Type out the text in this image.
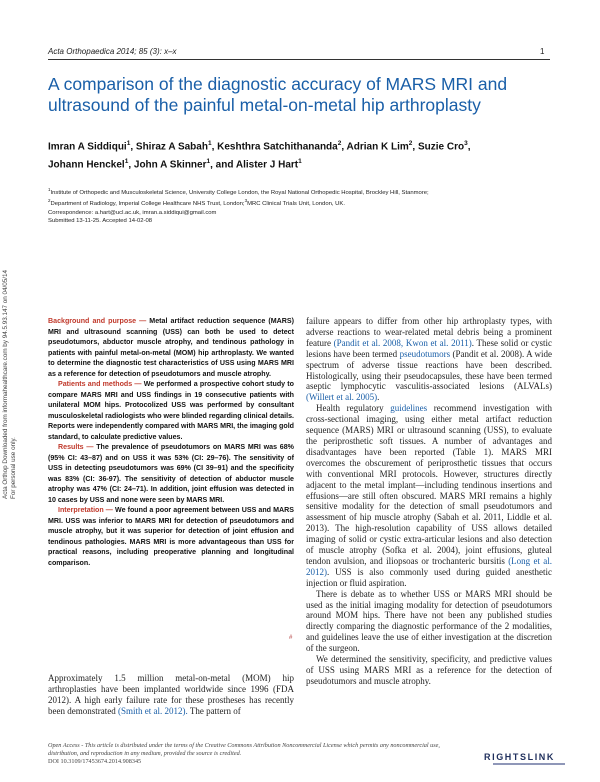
Acta Orthopaedica 2014; 85 (3): x–x	1
A comparison of the diagnostic accuracy of MARS MRI and
ultrasound of the painful metal-on-metal hip arthroplasty
Imran A Siddiqui$^1$, Shiraz A Sabah$^1$, Keshthra Satchithananda$^2$, Adrian K Lim$^2$, Suzie Cro$^3$,
Johann Henckel$^1$, John A Skinner$^1$, and Alister J Hart$^1$
$^1$Institute of Orthopedic and Musculoskeletal Science, University College London, the Royal National Orthopedic Hospital, Brockley Hill, Stanmore;
$^2$Department of Radiology, Imperial College Healthcare NHS Trust, London;$^3$MRC Clinical Trials Unit, London, UK.
Correspondence: a.hart@ucl.ac.uk, imran.a.siddiqui@gmail.com
Submitted 13-11-25. Accepted 14-02-08

Background and purpose — Metal artifact reduction sequence (MARS) MRI and ultrasound scanning (USS) can both be used to detect pseudotumors, abductor muscle atrophy, and tendinous pathology in patients with painful metal-on-metal (MOM) hip arthroplasty. We wanted to determine the diagnostic test characteristics of USS using MARS MRI as a reference for detection of pseudotumors and muscle atrophy.

Patients and methods — We performed a prospective cohort study to compare MARS MRI and USS findings in 19 consecutive patients with unilateral MOM hips. Protocolized USS was performed by consultant musculoskeletal radiologists who were blinded regarding clinical details. Reports were independently compared with MARS MRI, the imaging gold standard, to calculate predictive values.

Results — The prevalence of pseudotumors on MARS MRI was 68% (95% CI: 43–87) and on USS it was 53% (CI: 29–76). The sensitivity of USS in detecting pseudotumors was 69% (CI 39–91) and the specificity was 83% (CI: 36-97). The sensitivity of detection of abductor muscle atrophy was 47% (CI: 24–71). In addition, joint effusion was detected in 10 cases by USS and none were seen by MARS MRI.

Interpretation — We found a poor agreement between USS and MARS MRI. USS was inferior to MARS MRI for detection of pseudotumors and muscle atrophy, but it was superior for detection of joint effusion and tendinous pathologies. MARS MRI is more advantageous than USS for practical reasons, including preoperative planning and longitudinal comparison.

#

Approximately 1.5 million metal-on-metal (MOM) hip arthroplasties have been implanted worldwide since 1996 (FDA 2012). A high early failure rate for these prostheses has recently been demonstrated (Smith et al. 2012). The pattern of

failure appears to differ from other hip arthroplasty types, with adverse reactions to wear-related metal debris being a prominent feature (Pandit et al. 2008, Kwon et al. 2011). These solid or cystic lesions have been termed pseudotumors (Pandit et al. 2008). A wide spectrum of adverse tissue reactions have been described. Histologically, using their pseudocapsules, these have been termed aseptic lymphocytic vasculitis-associated lesions (ALVALs) (Willert et al. 2005).

Health regulatory guidelines recommend investigation with cross-sectional imaging, using either metal artifact reduction sequence (MARS) MRI or ultrasound scanning (USS), to evaluate the periprosthetic soft tissues. A number of advantages and disadvantages have been reported (Table 1). MARS MRI overcomes the obscurement of periprosthetic tissues that occurs with conventional MRI protocols. However, structures directly adjacent to the metal implant—including tendinous insertions and effusions—are still often obscured. MARS MRI remains a highly sensitive modality for the detection of small pseudotumors and assessment of hip muscle atrophy (Sabah et al. 2011, Liddle et al. 2013). The high-resolution capability of USS allows detailed imaging of solid or cystic extra-articular lesions and also detection of muscle atrophy (Sofka et al. 2004), joint effusions, gluteal tendon avulsion, and iliopsoas or trochanteric bursitis (Long et al. 2012). USS is also commonly used during guided anesthetic injection or fluid aspiration.

There is debate as to whether USS or MARS MRI should be used as the initial imaging modality for detection of pseudotumors around MOM hips. There have not been any published studies directly comparing the diagnostic performance of the 2 modalities, and guidelines leave the use of either investigation at the discretion of the surgeon.

We determined the sensitivity, specificity, and predictive values of USS using MARS MRI as a reference for the detection of pseudotumors and muscle atrophy.

Open Access - This article is distributed under the terms of the Creative Commons Attribution Noncommercial License which permits any noncommercial use,
distribution, and reproduction in any medium, provided the source is credited.
DOI 10.3109/17453674.2014.908345	RIGHTSLINK
Acta Orthop Downloaded from informahealthcare.com by 94.5.93.147 on 04/05/14 For personal use only.
